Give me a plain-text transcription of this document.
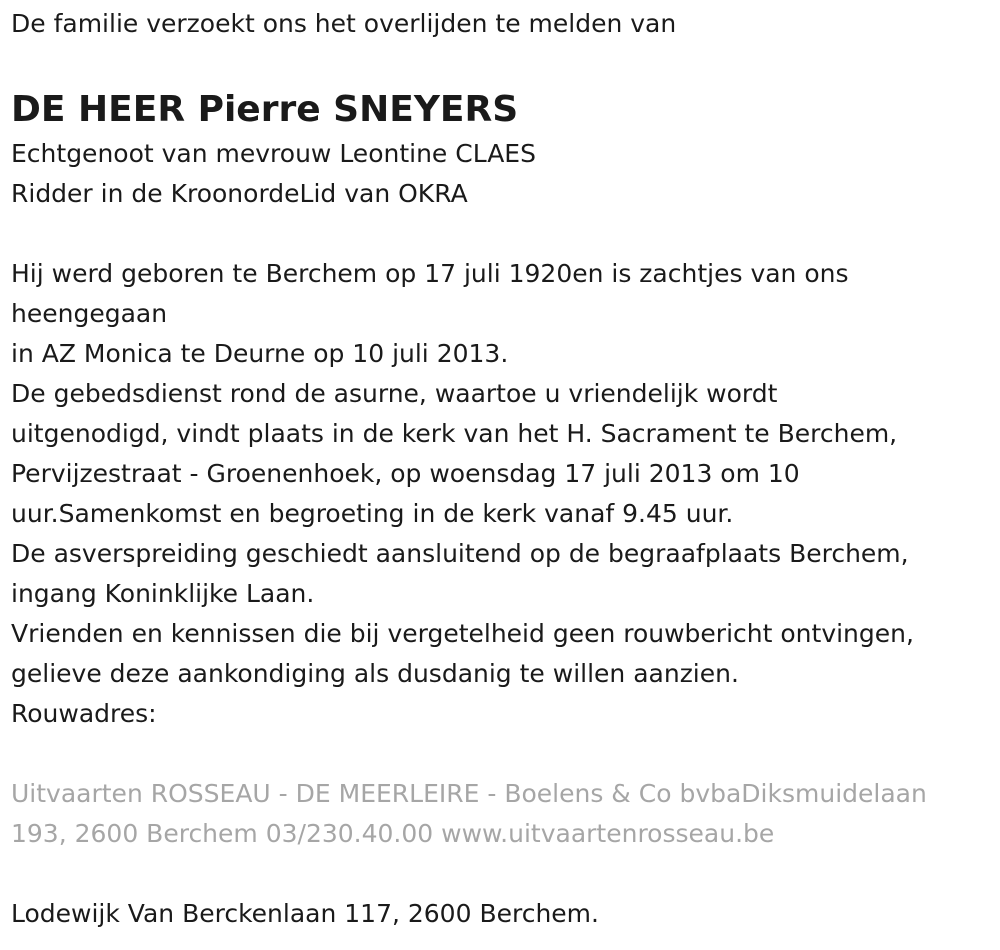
De familie verzoekt ons het overlijden te melden van
DE HEER Pierre SNEYERS
Echtgenoot van mevrouw Leontine CLAES
Ridder in de KroonordeLid van OKRA
Hij werd geboren te Berchem op 17 juli 1920en is zachtjes van ons
heengegaan
in AZ Monica te Deurne op 10 juli 2013.
De gebedsdienst rond de asurne, waartoe u vriendelijk wordt
uitgenodigd, vindt plaats in de kerk van het H. Sacrament te Berchem,
Pervijzestraat - Groenenhoek, op woensdag 17 juli 2013 om 10
uur.Samenkomst en begroeting in de kerk vanaf 9.45 uur.
De asverspreiding geschiedt aansluitend op de begraafplaats Berchem,
ingang Koninklijke Laan.
Vrienden en kennissen die bij vergetelheid geen rouwbericht ontvingen,
gelieve deze aankondiging als dusdanig te willen aanzien.
Rouwadres:
Uitvaarten ROSSEAU - DE MEERLEIRE - Boelens & Co bvbaDiksmuidelaan
193, 2600 Berchem 03/230.40.00 www.uitvaartenrosseau.be
Lodewijk Van Berckenlaan 117, 2600 Berchem.
